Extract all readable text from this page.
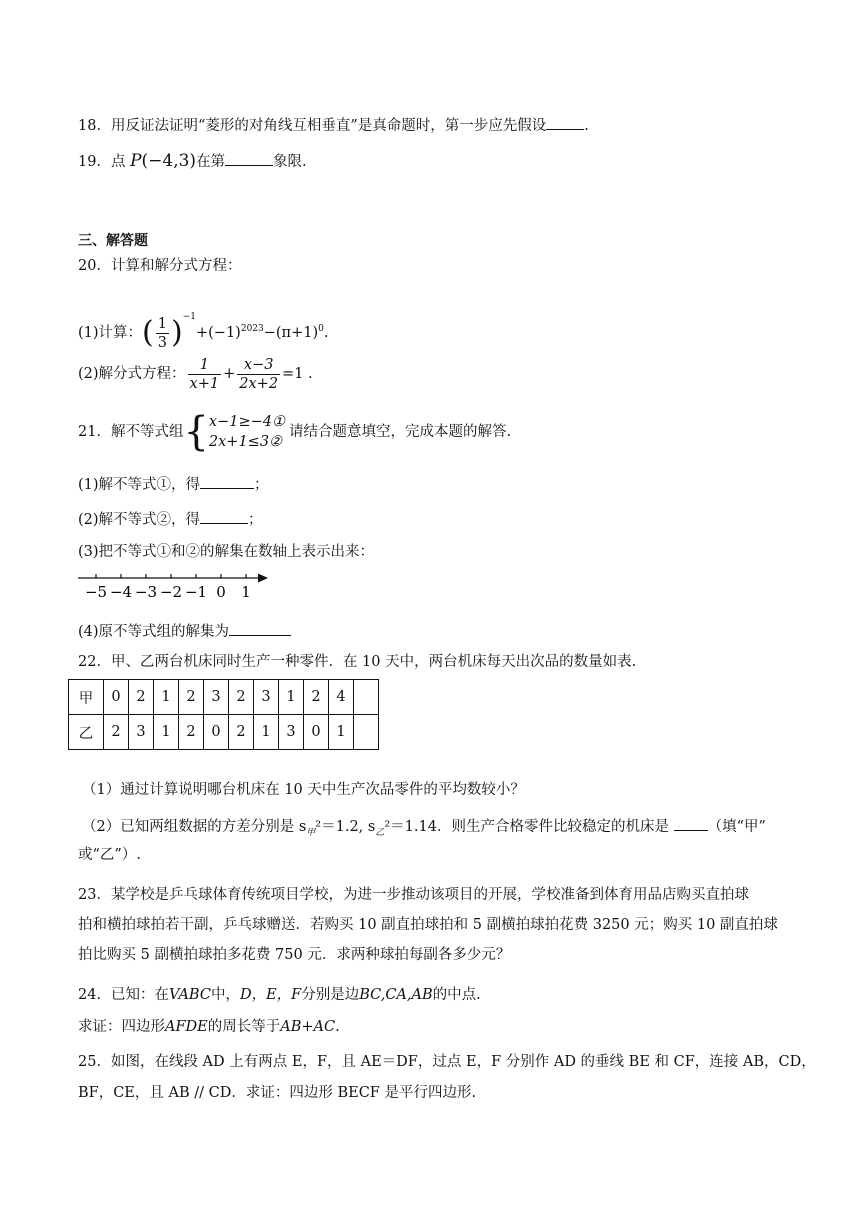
18．用反证法证明“菱形的对角线互相垂直”是真命题时，第一步应先假设	.
19．点 P(−4,3)在第	象限.
三、解答题
20．计算和解分式方程：
(1)计算：( $\frac{1}{3} )^{-1}+(-1)^{2023}-(\pi+1)^0$.
(2)解分式方程： $\frac{1}{x+1} + \frac{x-3}{2x+2} =1$ .
21．解不等式组{ x−1≥−4①
2x+1≤3②
请结合题意填空，完成本题的解答.
(1)解不等式①，得	；
(2)解不等式②，得	；
(3)把不等式①和②的解集在数轴上表示出来：
−5 −4 −3 −2 −1 0 1
(4)原不等式组的解集为
22．甲、乙两台机床同时生产一种零件．在 10 天中，两台机床每天出次品的数量如表.
甲	0	2	1	2	3	2	3	1	2	4	
乙	2	3	1	2	0	2	1	3	0	1	
（1）通过计算说明哪台机床在 10 天中生产次品零件的平均数较小？
（2）已知两组数据的方差分别是 $s_甲^2=1.2$, $s_乙^2=1.14$．则生产合格零件比较稳定的机床是	（填“甲”
或“乙”）.
23．某学校是乒乓球体育传统项目学校，为进一步推动该项目的开展，学校准备到体育用品店购买直拍球
拍和横拍球拍若干副，乒乓球赠送．若购买 10 副直拍球拍和 5 副横拍球拍花费 3250 元；购买 10 副直拍球
拍比购买 5 副横拍球拍多花费 750 元．求两种球拍每副各多少元？
24．已知：在VABC中，D，E，F分别是边BC,CA,AB的中点.
求证：四边形AFDE的周长等于AB+AC.
25．如图，在线段 AD 上有两点 E，F，且 AE＝DF，过点 E，F 分别作 AD 的垂线 BE 和 CF，连接 AB，CD，
BF，CE，且 AB // CD．求证：四边形 BECF 是平行四边形.
